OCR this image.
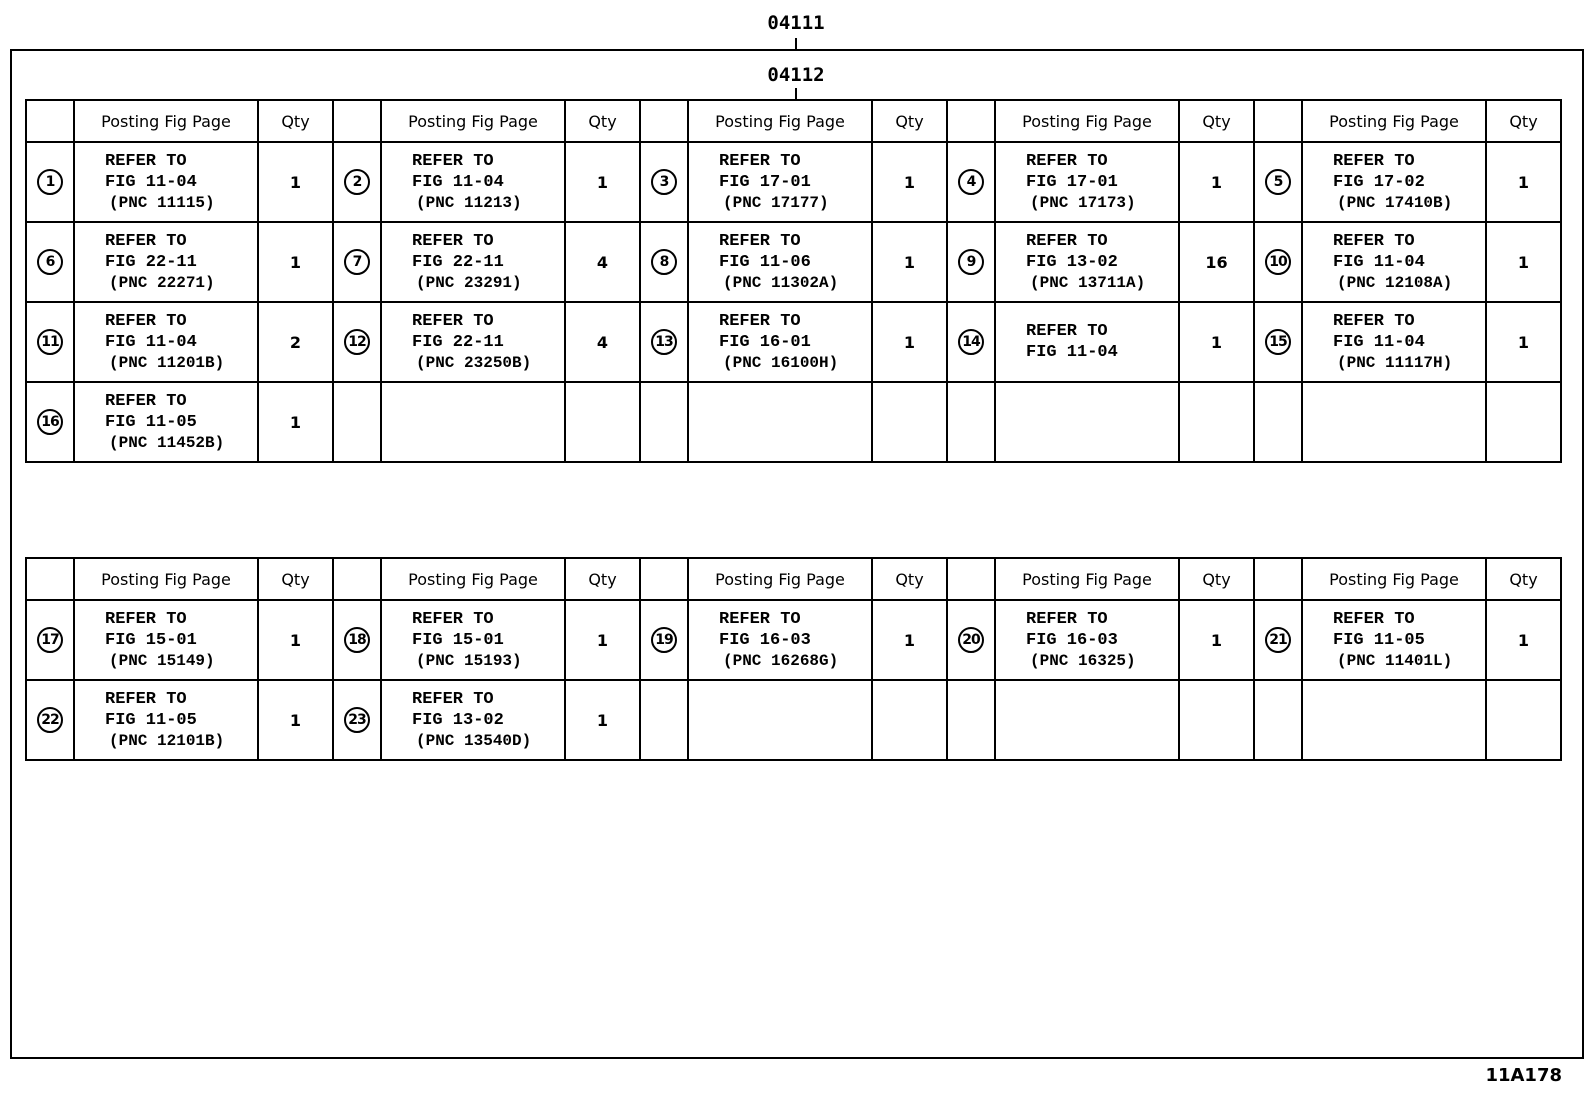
04111
04112
	Posting Fig Page	Qty		Posting Fig Page	Qty		Posting Fig Page	Qty		Posting Fig Page	Qty		Posting Fig Page	Qty
1	REFER TO
FIG 11-04
(PNC 11115)	1	2	REFER TO
FIG 11-04
(PNC 11213)	1	3	REFER TO
FIG 17-01
(PNC 17177)	1	4	REFER TO
FIG 17-01
(PNC 17173)	1	5	REFER TO
FIG 17-02
(PNC 17410B)	1
6	REFER TO
FIG 22-11
(PNC 22271)	1	7	REFER TO
FIG 22-11
(PNC 23291)	4	8	REFER TO
FIG 11-06
(PNC 11302A)	1	9	REFER TO
FIG 13-02
(PNC 13711A)	16	10	REFER TO
FIG 11-04
(PNC 12108A)	1
11	REFER TO
FIG 11-04
(PNC 11201B)	2	12	REFER TO
FIG 22-11
(PNC 23250B)	4	13	REFER TO
FIG 16-01
(PNC 16100H)	1	14	REFER TO
FIG 11-04	1	15	REFER TO
FIG 11-04
(PNC 11117H)	1
16	REFER TO
FIG 11-05
(PNC 11452B)	1												
	Posting Fig Page	Qty		Posting Fig Page	Qty		Posting Fig Page	Qty		Posting Fig Page	Qty		Posting Fig Page	Qty
17	REFER TO
FIG 15-01
(PNC 15149)	1	18	REFER TO
FIG 15-01
(PNC 15193)	1	19	REFER TO
FIG 16-03
(PNC 16268G)	1	20	REFER TO
FIG 16-03
(PNC 16325)	1	21	REFER TO
FIG 11-05
(PNC 11401L)	1
22	REFER TO
FIG 11-05
(PNC 12101B)	1	23	REFER TO
FIG 13-02
(PNC 13540D)	1									
11A178
